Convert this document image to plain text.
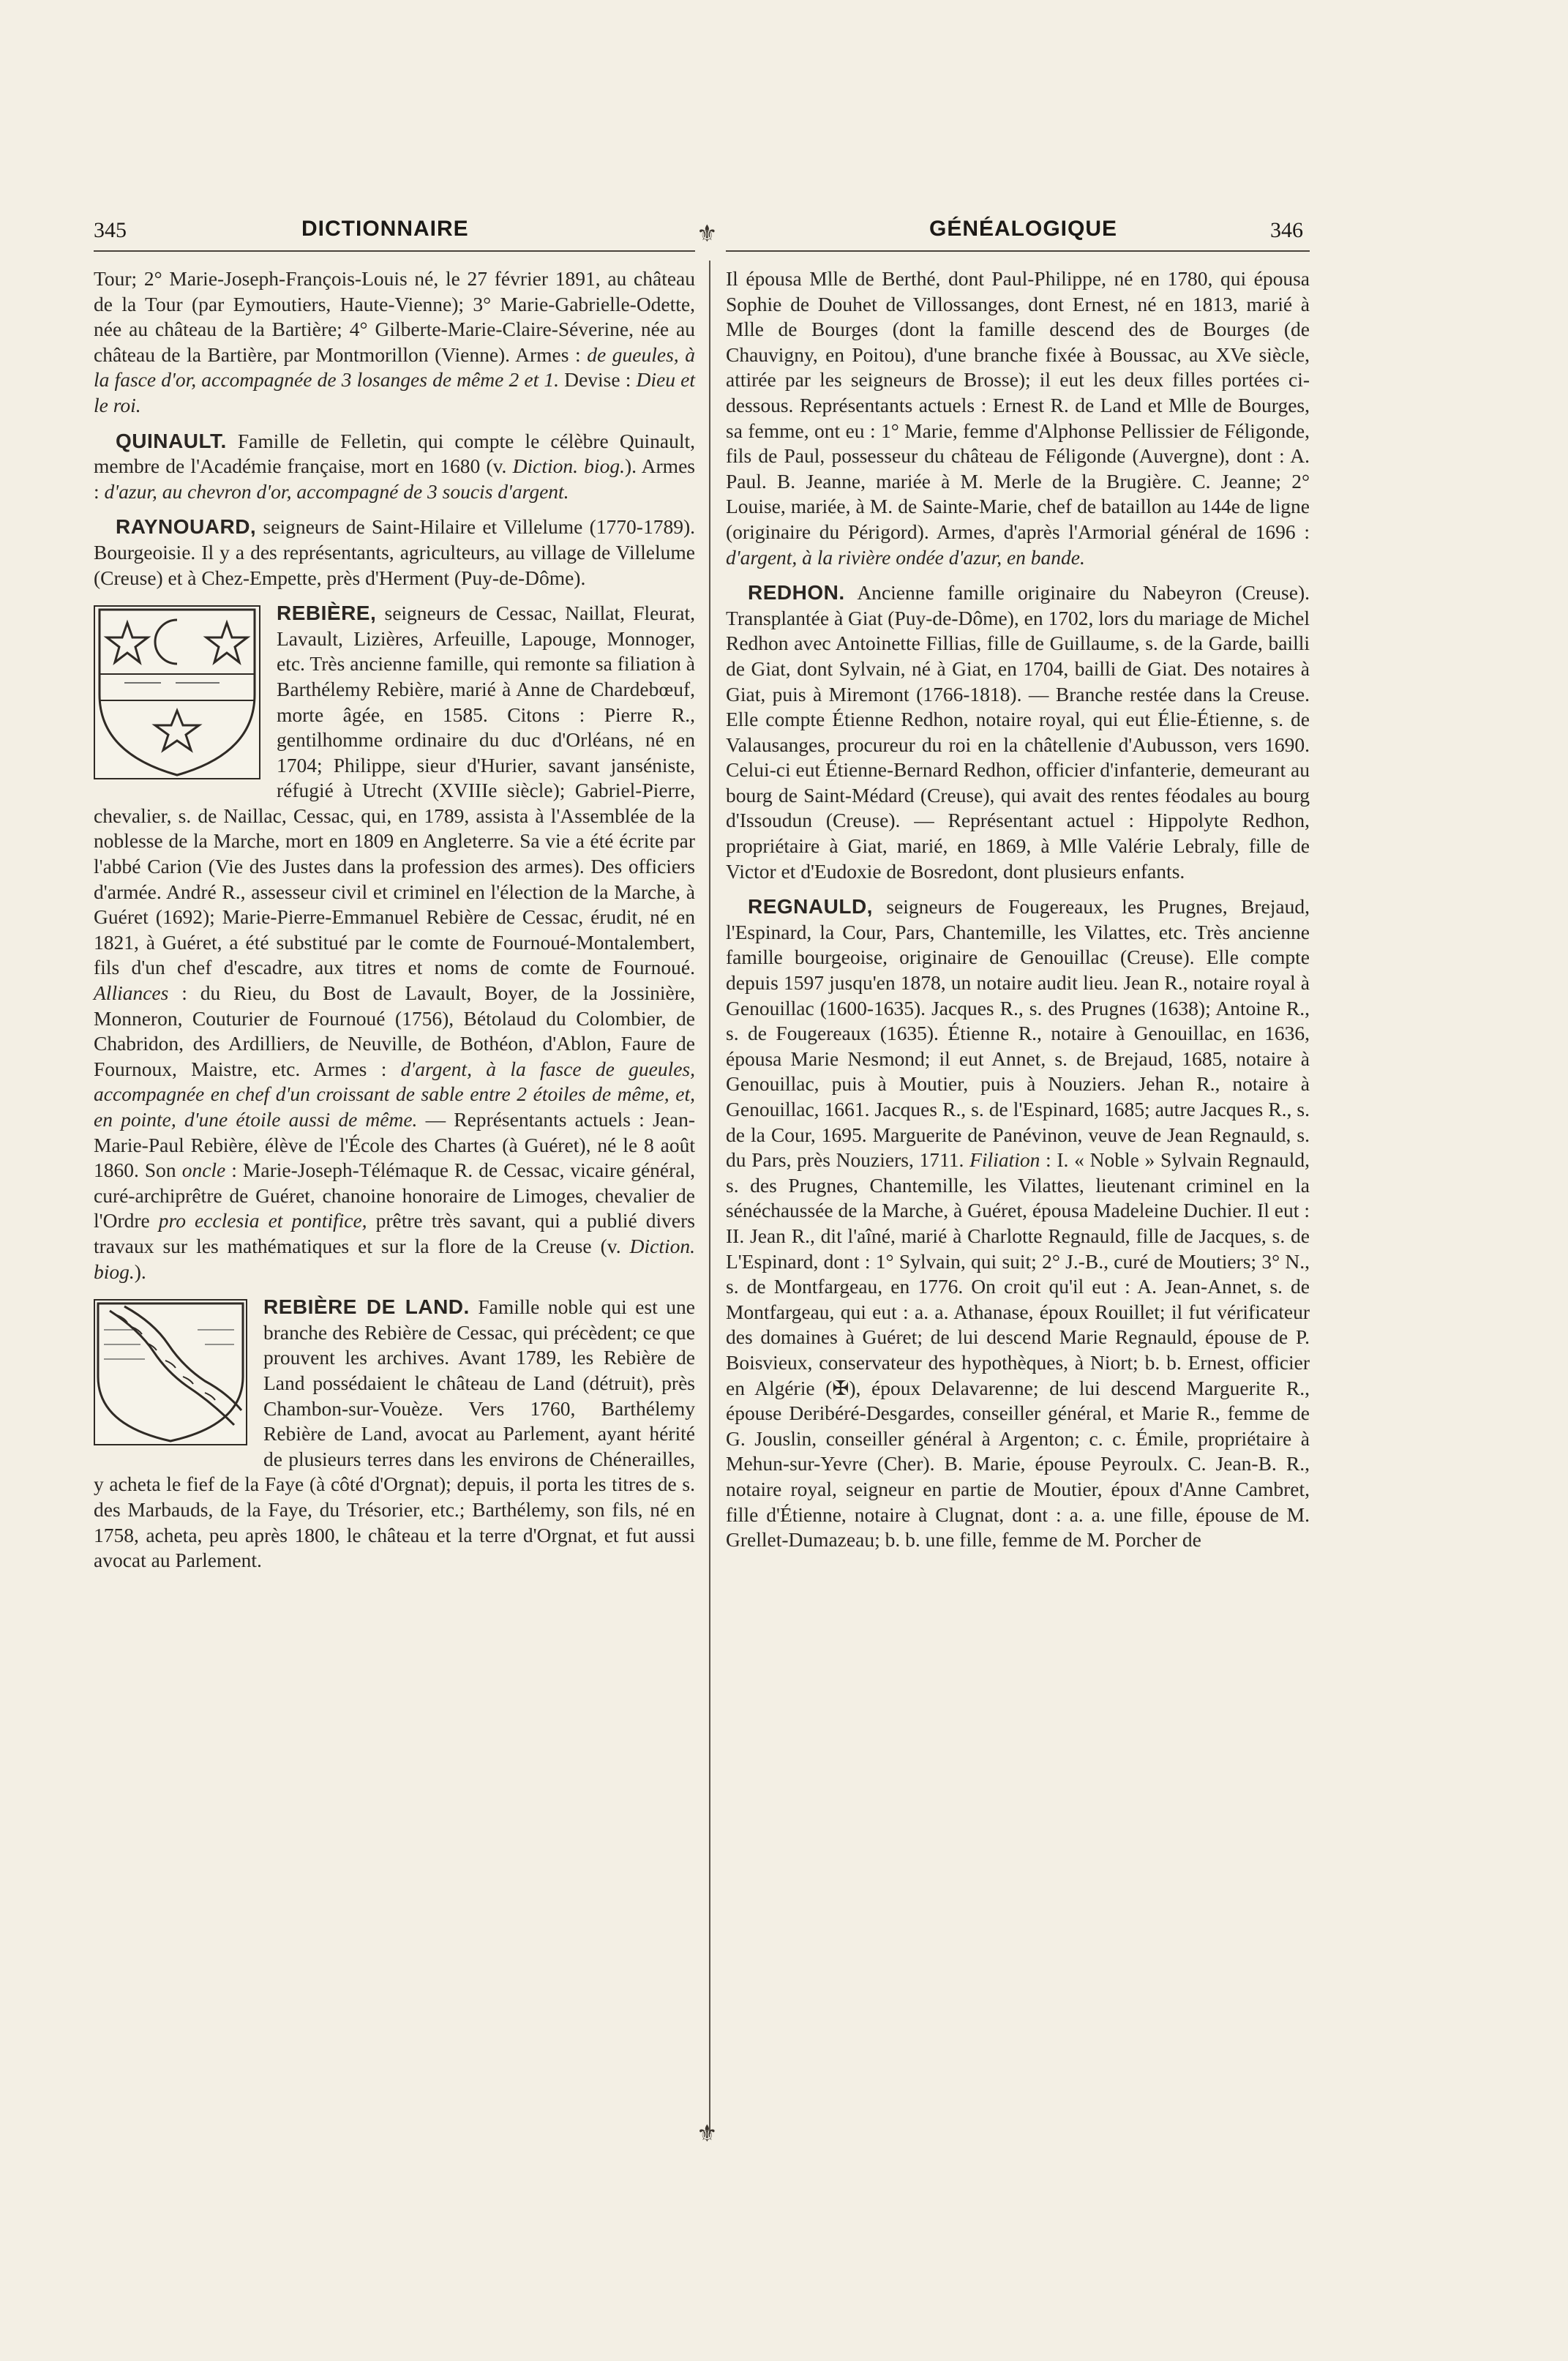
345	DICTIONNAIRE	⚜	GÉNÉALOGIQUE	346
⚜

Tour; 2° Marie-Joseph-François-Louis né, le 27 février 1891, au château de la Tour (par Eymoutiers, Haute-Vienne); 3° Marie-Gabrielle-Odette, née au château de la Bartière; 4° Gilberte-Marie-Claire-Séverine, née au château de la Bartière, par Montmorillon (Vienne). Armes : de gueules, à la fasce d'or, accompagnée de 3 losanges de même 2 et 1. Devise : Dieu et le roi.

QUINAULT. Famille de Felletin, qui compte le célèbre Quinault, membre de l'Académie française, mort en 1680 (v. Diction. biog.). Armes : d'azur, au chevron d'or, accompagné de 3 soucis d'argent.

RAYNOUARD, seigneurs de Saint-Hilaire et Villelume (1770-1789). Bourgeoisie. Il y a des représentants, agriculteurs, au village de Villelume (Creuse) et à Chez-Empette, près d'Herment (Puy-de-Dôme).

REBIÈRE, seigneurs de Cessac, Naillat, Fleurat, Lavault, Lizières, Arfeuille, Lapouge, Monnoger, etc. Très ancienne famille, qui remonte sa filiation à Barthélemy Rebière, marié à Anne de Chardebœuf, morte âgée, en 1585. Citons : Pierre R., gentilhomme ordinaire du duc d'Orléans, né en 1704; Philippe, sieur d'Hurier, savant janséniste, réfugié à Utrecht (XVIIIe siècle); Gabriel-Pierre, chevalier, s. de Naillac, Cessac, qui, en 1789, assista à l'Assemblée de la noblesse de la Marche, mort en 1809 en Angleterre. Sa vie a été écrite par l'abbé Carion (Vie des Justes dans la profession des armes). Des officiers d'armée. André R., assesseur civil et criminel en l'élection de la Marche, à Guéret (1692); Marie-Pierre-Emmanuel Rebière de Cessac, érudit, né en 1821, à Guéret, a été substitué par le comte de Fournoué-Montalembert, fils d'un chef d'escadre, aux titres et noms de comte de Fournoué. Alliances : du Rieu, du Bost de Lavault, Boyer, de la Jossinière, Monneron, Couturier de Fournoué (1756), Bétolaud du Colombier, de Chabridon, des Ardilliers, de Neuville, de Bothéon, d'Ablon, Faure de Fournoux, Maistre, etc. Armes : d'argent, à la fasce de gueules, accompagnée en chef d'un croissant de sable entre 2 étoiles de même, et, en pointe, d'une étoile aussi de même. — Représentants actuels : Jean-Marie-Paul Rebière, élève de l'École des Chartes (à Guéret), né le 8 août 1860. Son oncle : Marie-Joseph-Télémaque R. de Cessac, vicaire général, curé-archiprêtre de Guéret, chanoine honoraire de Limoges, chevalier de l'Ordre pro ecclesia et pontifice, prêtre très savant, qui a publié divers travaux sur les mathématiques et sur la flore de la Creuse (v. Diction. biog.).

REBIÈRE DE LAND. Famille noble qui est une branche des Rebière de Cessac, qui précèdent; ce que prouvent les archives. Avant 1789, les Rebière de Land possédaient le château de Land (détruit), près Chambon-sur-Vouèze. Vers 1760, Barthélemy Rebière de Land, avocat au Parlement, ayant hérité de plusieurs terres dans les environs de Chénerailles, y acheta le fief de la Faye (à côté d'Orgnat); depuis, il porta les titres de s. des Marbauds, de la Faye, du Trésorier, etc.; Barthélemy, son fils, né en 1758, acheta, peu après 1800, le château et la terre d'Orgnat, et fut aussi avocat au Parlement.

Il épousa Mlle de Berthé, dont Paul-Philippe, né en 1780, qui épousa Sophie de Douhet de Villossanges, dont Ernest, né en 1813, marié à Mlle de Bourges (dont la famille descend des de Bourges (de Chauvigny, en Poitou), d'une branche fixée à Boussac, au XVe siècle, attirée par les seigneurs de Brosse); il eut les deux filles portées ci-dessous. Représentants actuels : Ernest R. de Land et Mlle de Bourges, sa femme, ont eu : 1° Marie, femme d'Alphonse Pellissier de Féligonde, fils de Paul, possesseur du château de Féligonde (Auvergne), dont : A. Paul. B. Jeanne, mariée à M. Merle de la Brugière. C. Jeanne; 2° Louise, mariée, à M. de Sainte-Marie, chef de bataillon au 144e de ligne (originaire du Périgord). Armes, d'après l'Armorial général de 1696 : d'argent, à la rivière ondée d'azur, en bande.

REDHON. Ancienne famille originaire du Nabeyron (Creuse). Transplantée à Giat (Puy-de-Dôme), en 1702, lors du mariage de Michel Redhon avec Antoinette Fillias, fille de Guillaume, s. de la Garde, bailli de Giat, dont Sylvain, né à Giat, en 1704, bailli de Giat. Des notaires à Giat, puis à Miremont (1766-1818). — Branche restée dans la Creuse. Elle compte Étienne Redhon, notaire royal, qui eut Élie-Étienne, s. de Valausanges, procureur du roi en la châtellenie d'Aubusson, vers 1690. Celui-ci eut Étienne-Bernard Redhon, officier d'infanterie, demeurant au bourg de Saint-Médard (Creuse), qui avait des rentes féodales au bourg d'Issoudun (Creuse). — Représentant actuel : Hippolyte Redhon, propriétaire à Giat, marié, en 1869, à Mlle Valérie Lebraly, fille de Victor et d'Eudoxie de Bosredont, dont plusieurs enfants.

REGNAULD, seigneurs de Fougereaux, les Prugnes, Brejaud, l'Espinard, la Cour, Pars, Chantemille, les Vilattes, etc. Très ancienne famille bourgeoise, originaire de Genouillac (Creuse). Elle compte depuis 1597 jusqu'en 1878, un notaire audit lieu. Jean R., notaire royal à Genouillac (1600-1635). Jacques R., s. des Prugnes (1638); Antoine R., s. de Fougereaux (1635). Étienne R., notaire à Genouillac, en 1636, épousa Marie Nesmond; il eut Annet, s. de Brejaud, 1685, notaire à Genouillac, puis à Moutier, puis à Nouziers. Jehan R., notaire à Genouillac, 1661. Jacques R., s. de l'Espinard, 1685; autre Jacques R., s. de la Cour, 1695. Marguerite de Panévinon, veuve de Jean Regnauld, s. du Pars, près Nouziers, 1711. Filiation : I. « Noble » Sylvain Regnauld, s. des Prugnes, Chantemille, les Vilattes, lieutenant criminel en la sénéchaussée de la Marche, à Guéret, épousa Madeleine Duchier. Il eut : II. Jean R., dit l'aîné, marié à Charlotte Regnauld, fille de Jacques, s. de L'Espinard, dont : 1° Sylvain, qui suit; 2° J.-B., curé de Moutiers; 3° N., s. de Montfargeau, en 1776. On croit qu'il eut : A. Jean-Annet, s. de Montfargeau, qui eut : a. a. Athanase, époux Rouillet; il fut vérificateur des domaines à Guéret; de lui descend Marie Regnauld, épouse de P. Boisvieux, conservateur des hypothèques, à Niort; b. b. Ernest, officier en Algérie (✠), époux Delavarenne; de lui descend Marguerite R., épouse Deribéré-Desgardes, conseiller général, et Marie R., femme de G. Jouslin, conseiller général à Argenton; c. c. Émile, propriétaire à Mehun-sur-Yevre (Cher). B. Marie, épouse Peyroulx. C. Jean-B. R., notaire royal, seigneur en partie de Moutier, époux d'Anne Cambret, fille d'Étienne, notaire à Clugnat, dont : a. a. une fille, épouse de M. Grellet-Dumazeau; b. b. une fille, femme de M. Porcher de
